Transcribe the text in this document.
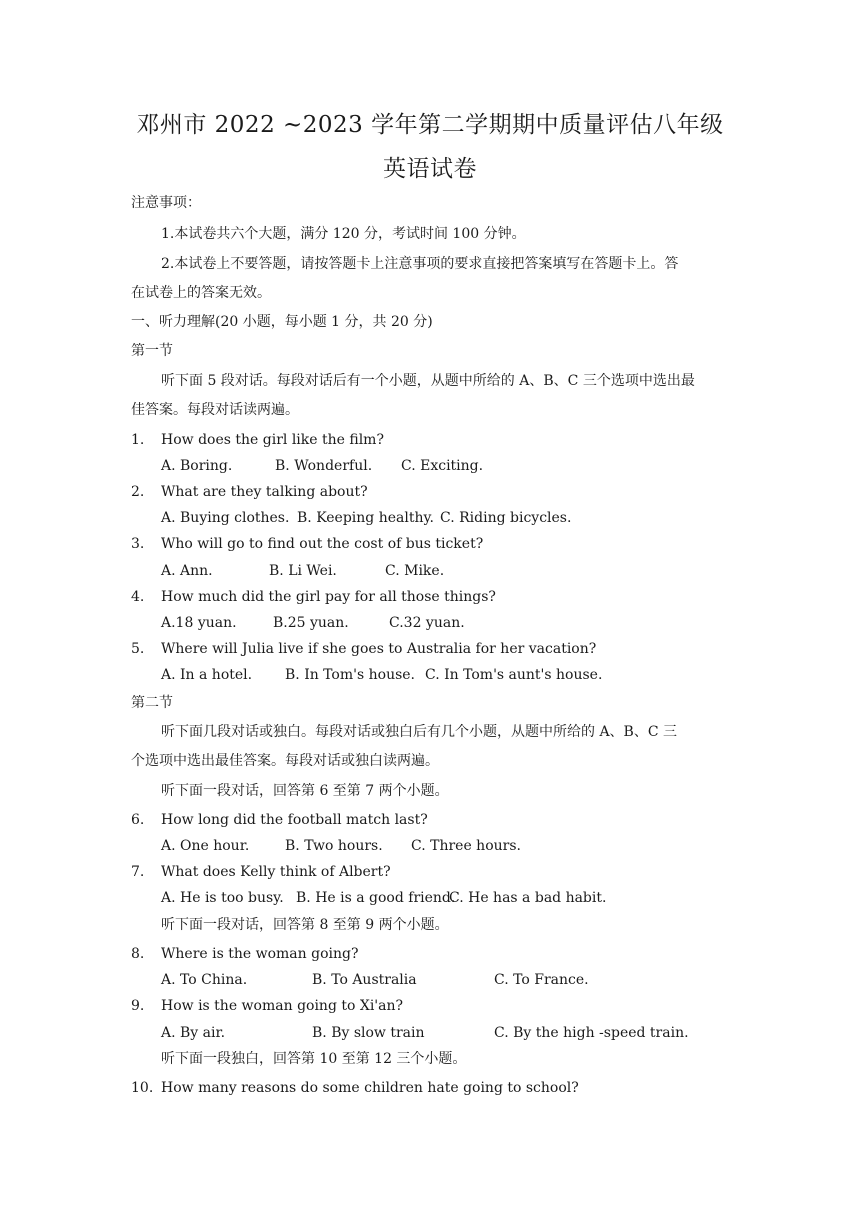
邓州市 2022 ~2023 学年第二学期期中质量评估八年级
英语试卷
注意事项：
1.本试卷共六个大题，满分 120 分，考试时间 100 分钟。
2.本试卷上不要答题，请按答题卡上注意事项的要求直接把答案填写在答题卡上。答
在试卷上的答案无效。
一、听力理解(20 小题，每小题 1 分，共 20 分)
第一节
听下面 5 段对话。每段对话后有一个小题，从题中所给的 A、B、C 三个选项中选出最
佳答案。每段对话读两遍。
1. How does the girl like the film?
A. Boring.	B. Wonderful. C. Exciting.
2. What are they talking about?
A. Buying clothes. B. Keeping healthy. C. Riding bicycles.
3. Who will go to find out the cost of bus ticket?
A. Ann.	B. Li Wei.	C. Mike.
4. How much did the girl pay for all those things?
A.18 yuan.	B.25 yuan.	C.32 yuan.
5. Where will Julia live if she goes to Australia for her vacation?
A. In a hotel. B. In Tom's house. C. In Tom's aunt's house.
第二节
听下面几段对话或独白。每段对话或独白后有几个小题，从题中所给的 A、B、C 三
个选项中选出最佳答案。每段对话或独白读两遍。
听下面一段对话，回答第 6 至第 7 两个小题。
6. How long did the football match last?
A. One hour.	B. Two hours. C. Three hours.
7. What does Kelly think of Albert?
A. He is too busy. B. He is a good friend.
C. He has a bad habit.
听下面一段对话，回答第 8 至第 9 两个小题。
8. Where is the woman going?
A. To China.	B. To Australia	C. To France.
9. How is the woman going to Xi'an?
A. By air.	B. By slow train	C. By the high -speed train.
听下面一段独白，回答第 10 至第 12 三个小题。
10. How many reasons do some children hate going to school?
